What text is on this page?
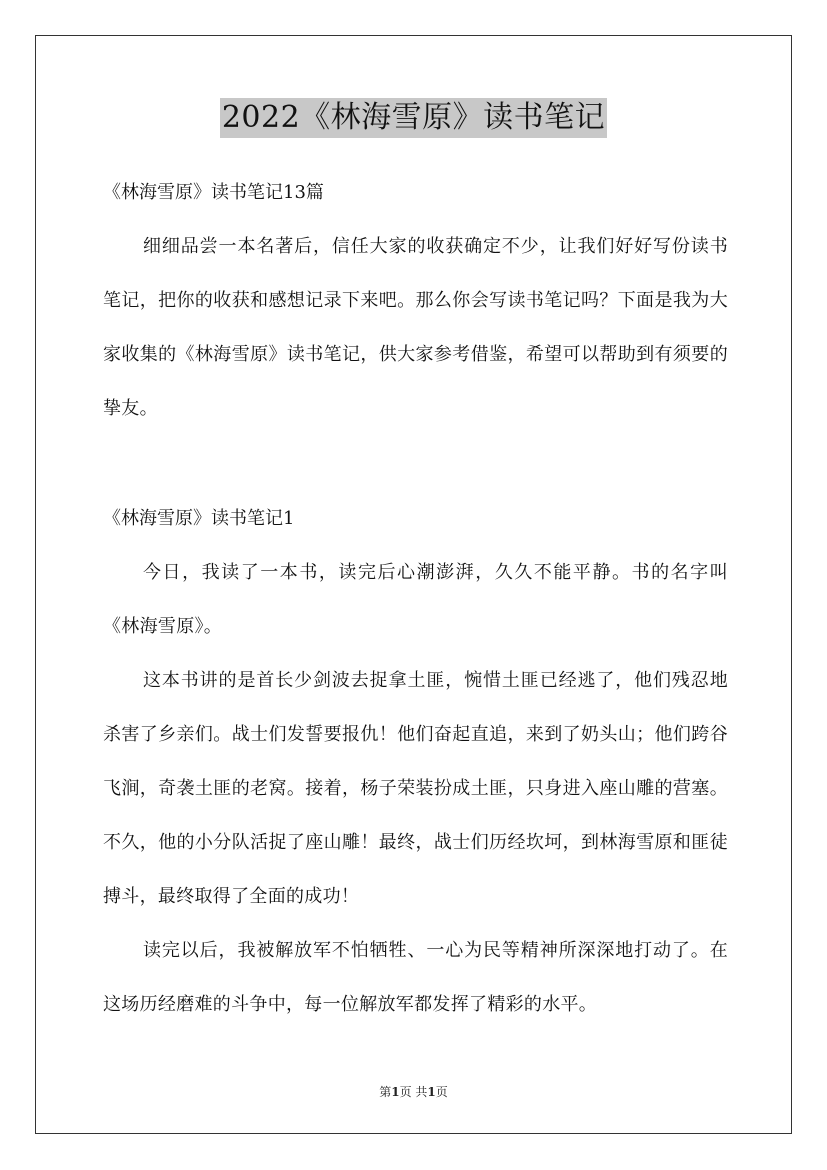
2022《林海雪原》读书笔记
《林海雪原》读书笔记13篇

细细品尝一本名著后，信任大家的收获确定不少，让我们好好写份读书笔记，把你的收获和感想记录下来吧。那么你会写读书笔记吗？下面是我为大家收集的《林海雪原》读书笔记，供大家参考借鉴，希望可以帮助到有须要的挚友。

《林海雪原》读书笔记1

今日，我读了一本书，读完后心潮澎湃，久久不能平静。书的名字叫《林海雪原》。

这本书讲的是首长少剑波去捉拿土匪，惋惜土匪已经逃了，他们残忍地杀害了乡亲们。战士们发誓要报仇！他们奋起直追，来到了奶头山；他们跨谷飞涧，奇袭土匪的老窝。接着，杨子荣装扮成土匪，只身进入座山雕的营塞。不久，他的小分队活捉了座山雕！最终，战士们历经坎坷，到林海雪原和匪徒搏斗，最终取得了全面的成功！

读完以后，我被解放军不怕牺牲、一心为民等精神所深深地打动了。在这场历经磨难的斗争中，每一位解放军都发挥了精彩的水平。

第1页 共1页
